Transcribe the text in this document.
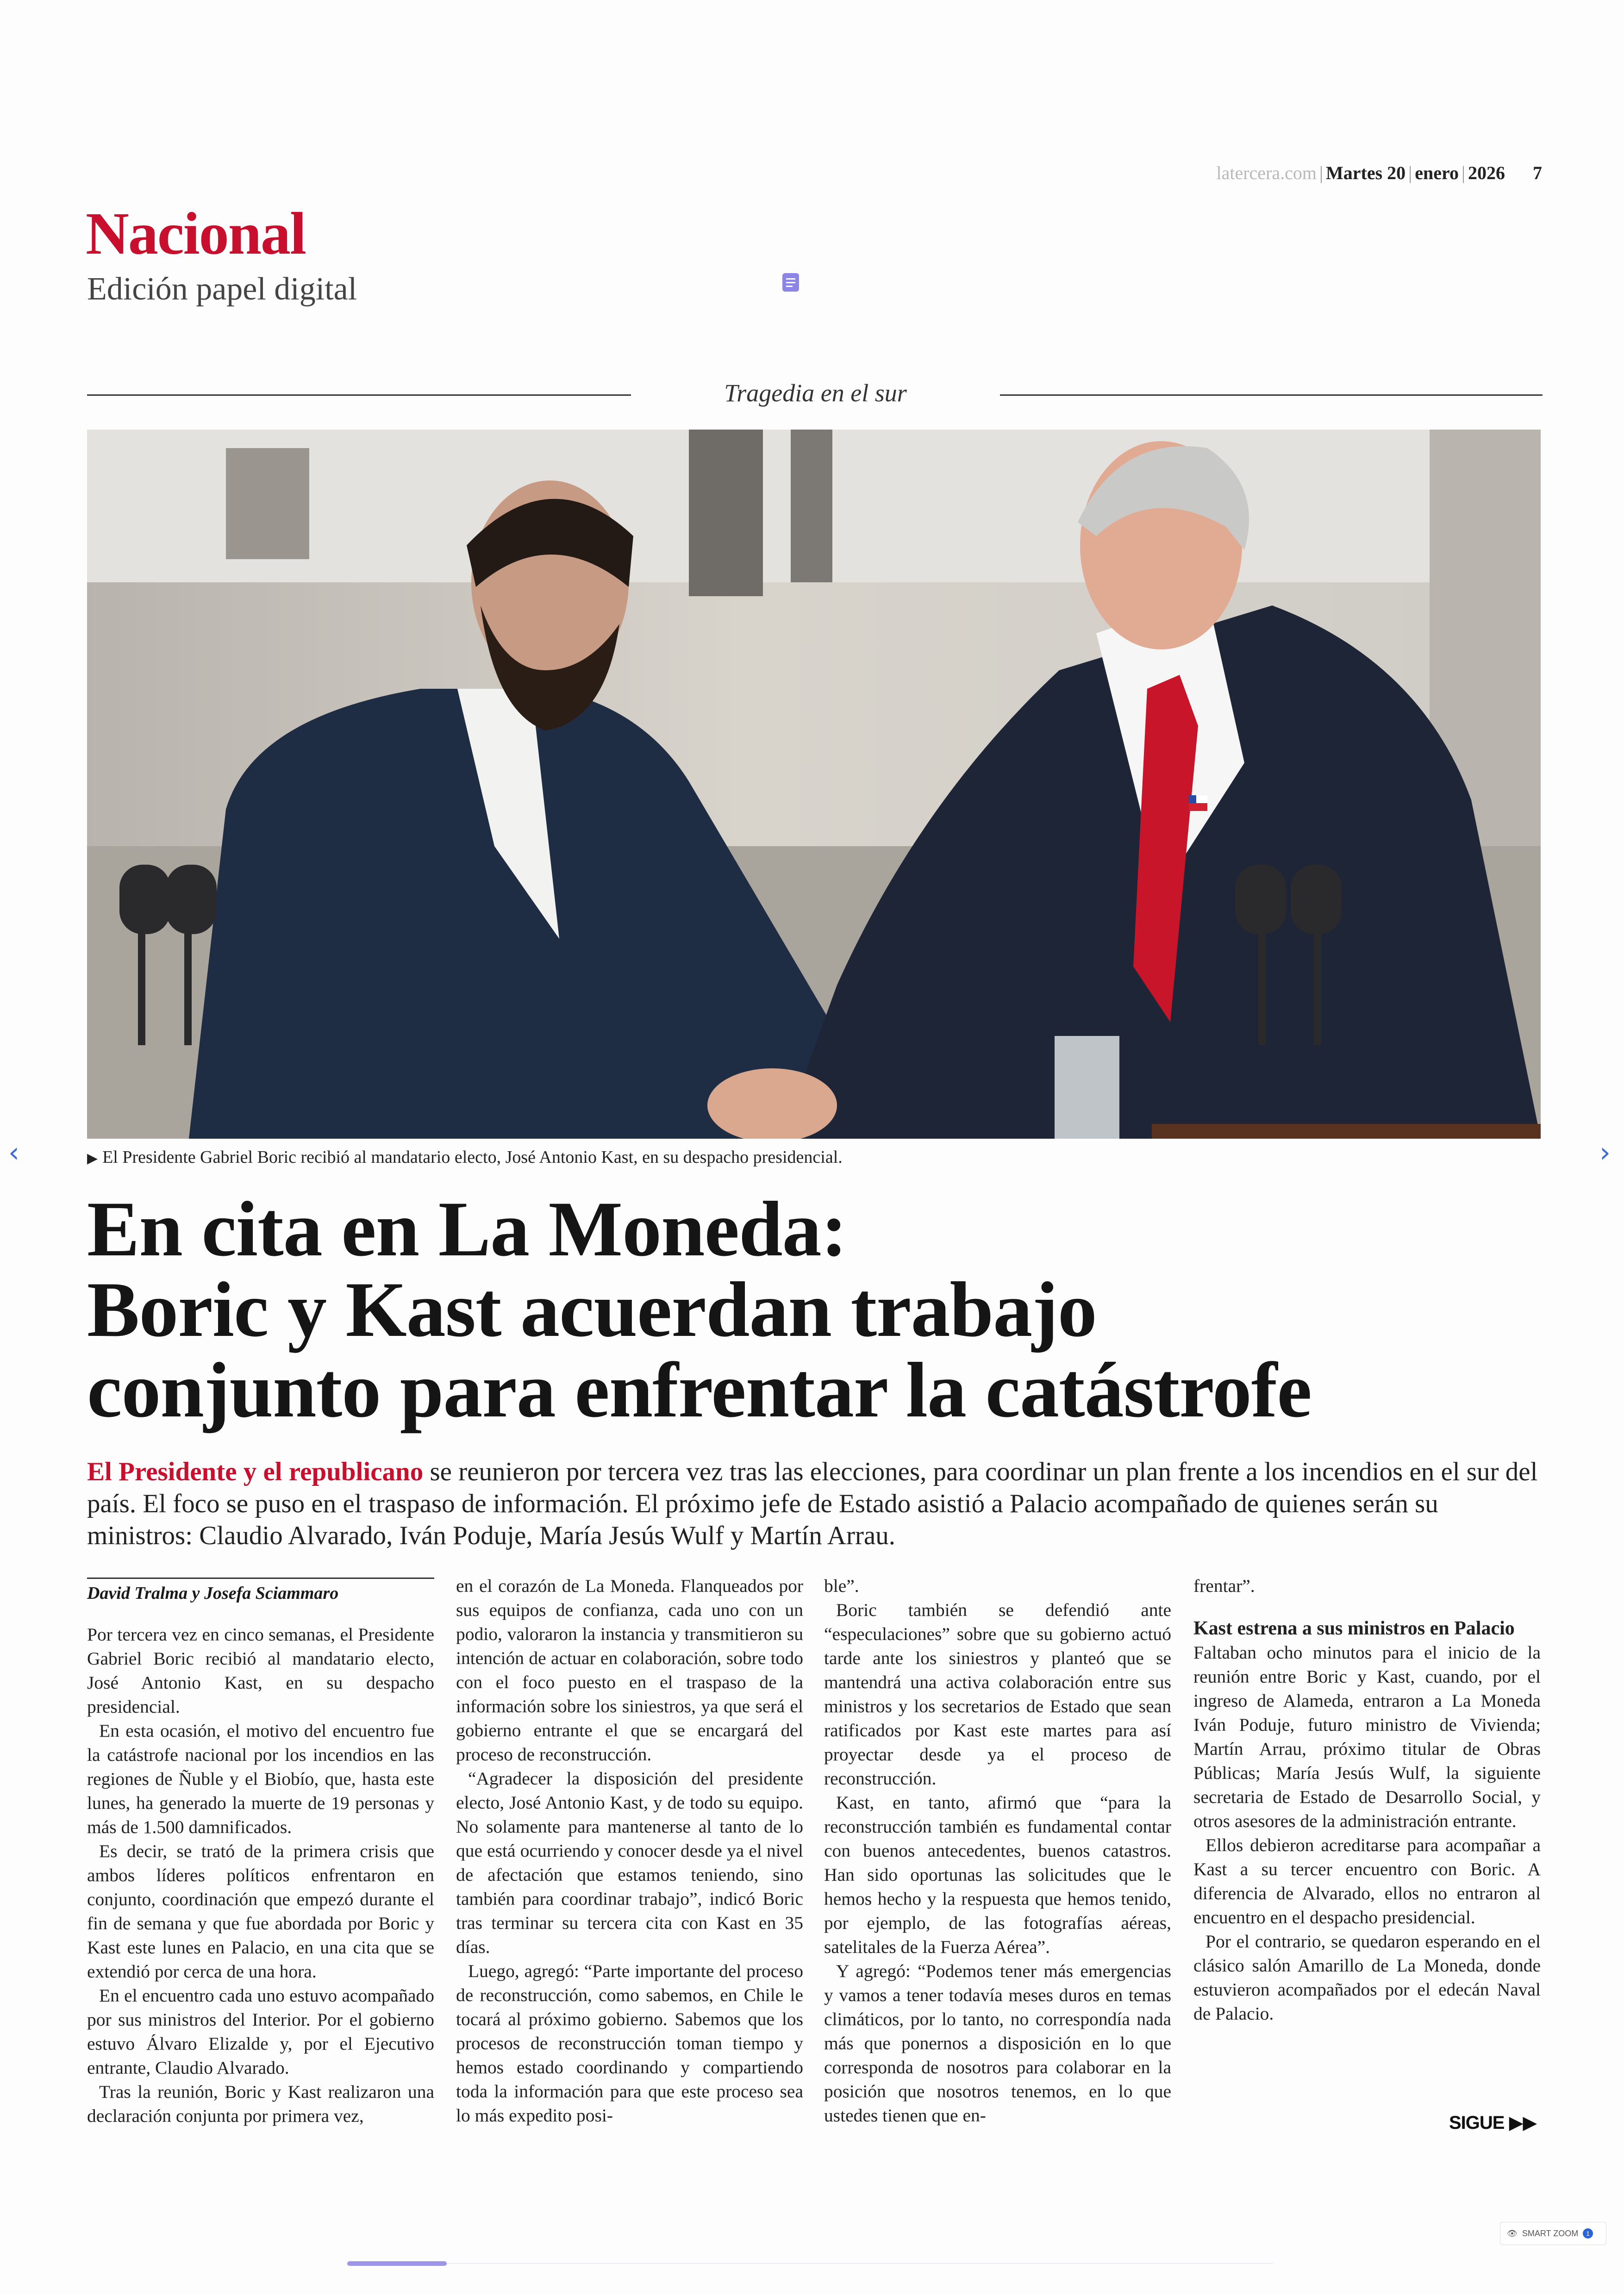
latercera.com | Martes 20 | enero | 2026 7
Nacional
Edición papel digital
Tragedia en el sur
▶ El Presidente Gabriel Boric recibió al mandatario electo, José Antonio Kast, en su despacho presidencial.
‹	›
En cita en La Moneda:
Boric y Kast acuerdan trabajo
conjunto para enfrentar la catástrofe
El Presidente y el republicano se reunieron por tercera vez tras las elecciones, para coordinar un plan frente a los incendios en el sur del país. El foco se puso en el traspaso de información. El próximo jefe de Estado asistió a Palacio acompañado de quienes serán su ministros: Claudio Alvarado, Iván Poduje, María Jesús Wulf y Martín Arrau.
David Tralma y Josefa Sciammaro

Por tercera vez en cinco semanas, el Presidente Gabriel Boric recibió al mandatario electo, José Antonio Kast, en su despacho presidencial.

En esta ocasión, el motivo del encuentro fue la catástrofe nacional por los incendios en las regiones de Ñuble y el Biobío, que, hasta este lunes, ha generado la muerte de 19 personas y más de 1.500 damnificados.

Es decir, se trató de la primera crisis que ambos líderes políticos enfrentaron en conjunto, coordinación que empezó durante el fin de semana y que fue abordada por Boric y Kast este lunes en Palacio, en una cita que se extendió por cerca de una hora.

En el encuentro cada uno estuvo acompañado por sus ministros del Interior. Por el gobierno estuvo Álvaro Elizalde y, por el Ejecutivo entrante, Claudio Alvarado.

Tras la reunión, Boric y Kast realizaron una declaración conjunta por primera vez,

en el corazón de La Moneda. Flanqueados por sus equipos de confianza, cada uno con un podio, valoraron la instancia y transmitieron su intención de actuar en colaboración, sobre todo con el foco puesto en el traspaso de la información sobre los siniestros, ya que será el gobierno entrante el que se encargará del proceso de reconstrucción.

“Agradecer la disposición del presidente electo, José Antonio Kast, y de todo su equipo. No solamente para mantenerse al tanto de lo que está ocurriendo y conocer desde ya el nivel de afectación que estamos teniendo, sino también para coordinar trabajo”, indicó Boric tras terminar su tercera cita con Kast en 35 días.

Luego, agregó: “Parte importante del proceso de reconstrucción, como sabemos, en Chile le tocará al próximo gobierno. Sabemos que los procesos de reconstrucción toman tiempo y hemos estado coordinando y compartiendo toda la información para que este proceso sea lo más expedito posi-

ble”.

Boric también se defendió ante “especulaciones” sobre que su gobierno actuó tarde ante los siniestros y planteó que se mantendrá una activa colaboración entre sus ministros y los secretarios de Estado que sean ratificados por Kast este martes para así proyectar desde ya el proceso de reconstrucción.

Kast, en tanto, afirmó que “para la reconstrucción también es fundamental contar con buenos antecedentes, buenos catastros. Han sido oportunas las solicitudes que le hemos hecho y la respuesta que hemos tenido, por ejemplo, de las fotografías aéreas, satelitales de la Fuerza Aérea”.

Y agregó: “Podemos tener más emergencias y vamos a tener todavía meses duros en temas climáticos, por lo tanto, no correspondía nada más que ponernos a disposición en lo que corresponda de nosotros para colaborar en la posición que nosotros tenemos, en lo que ustedes tienen que en-

frentar”.

Kast estrena a sus ministros en Palacio

Faltaban ocho minutos para el inicio de la reunión entre Boric y Kast, cuando, por el ingreso de Alameda, entraron a La Moneda Iván Poduje, futuro ministro de Vivienda; Martín Arrau, próximo titular de Obras Públicas; María Jesús Wulf, la siguiente secretaria de Estado de Desarrollo Social, y otros asesores de la administración entrante.

Ellos debieron acreditarse para acompañar a Kast a su tercer encuentro con Boric. A diferencia de Alvarado, ellos no entraron al encuentro en el despacho presidencial.

Por el contrario, se quedaron esperando en el clásico salón Amarillo de La Moneda, donde estuvieron acompañados por el edecán Naval de Palacio.

SIGUE ▶▶
👁 SMART ZOOM	1
